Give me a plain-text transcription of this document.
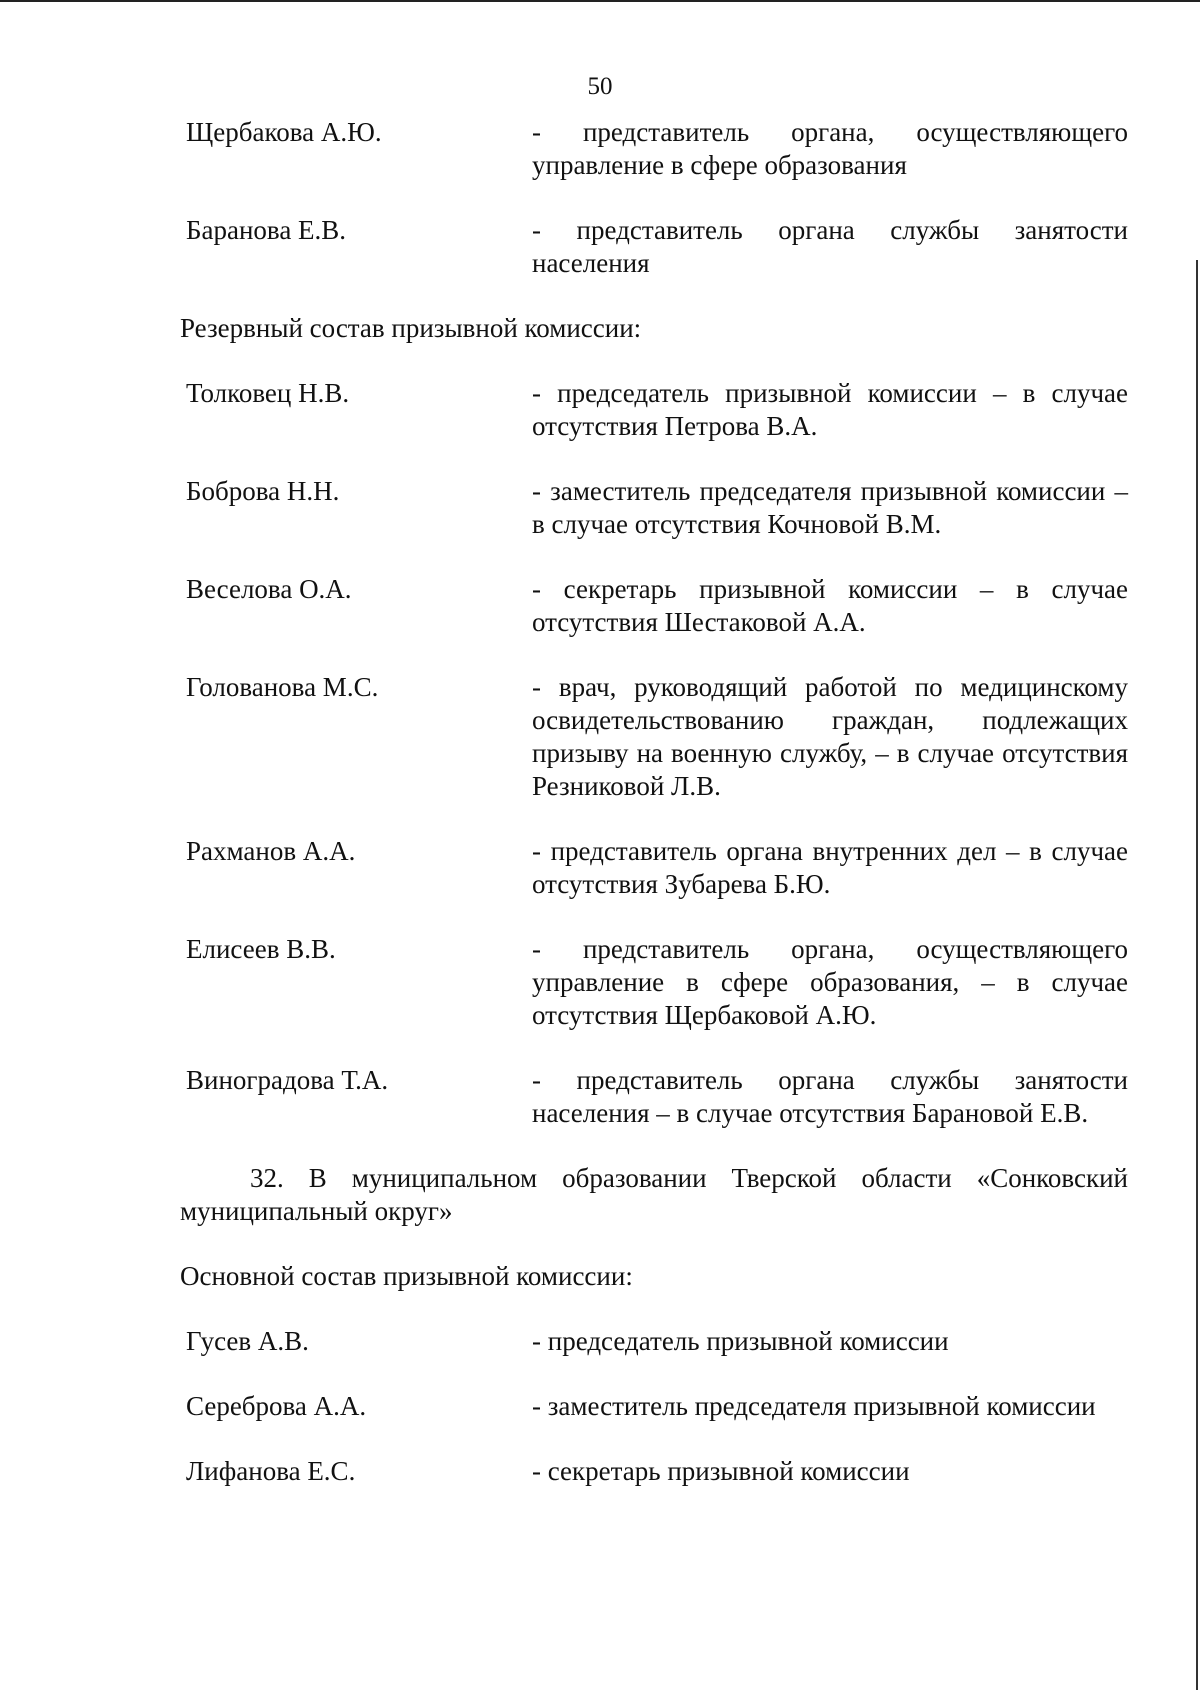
50
Щербакова А.Ю.	- представитель органа, осуществляющего управление в сфере образования
Баранова Е.В.	- представитель органа службы занятости населения
Резервный состав призывной комиссии:
Толковец Н.В.	- председатель призывной комиссии – в случае отсутствия Петрова В.А.
Боброва Н.Н.	- заместитель председателя призывной комиссии – в случае отсутствия Кочновой В.М.
Веселова О.А.	- секретарь призывной комиссии – в случае отсутствия Шестаковой А.А.
Голованова М.С.	- врач, руководящий работой по медицинскому освидетельствованию граждан, подлежащих призыву на военную службу, – в случае отсутствия Резниковой Л.В.
Рахманов А.А.	- представитель органа внутренних дел – в случае отсутствия Зубарева Б.Ю.
Елисеев В.В.	- представитель органа, осуществляющего управление в сфере образования, – в случае отсутствия Щербаковой А.Ю.
Виноградова Т.А.	- представитель органа службы занятости населения – в случае отсутствия Барановой Е.В.
32. В муниципальном образовании Тверской области «Сонковский муниципальный округ»
Основной состав призывной комиссии:
Гусев А.В.	- председатель призывной комиссии
Сереброва А.А.	- заместитель председателя призывной комиссии
Лифанова Е.С.	- секретарь призывной комиссии
